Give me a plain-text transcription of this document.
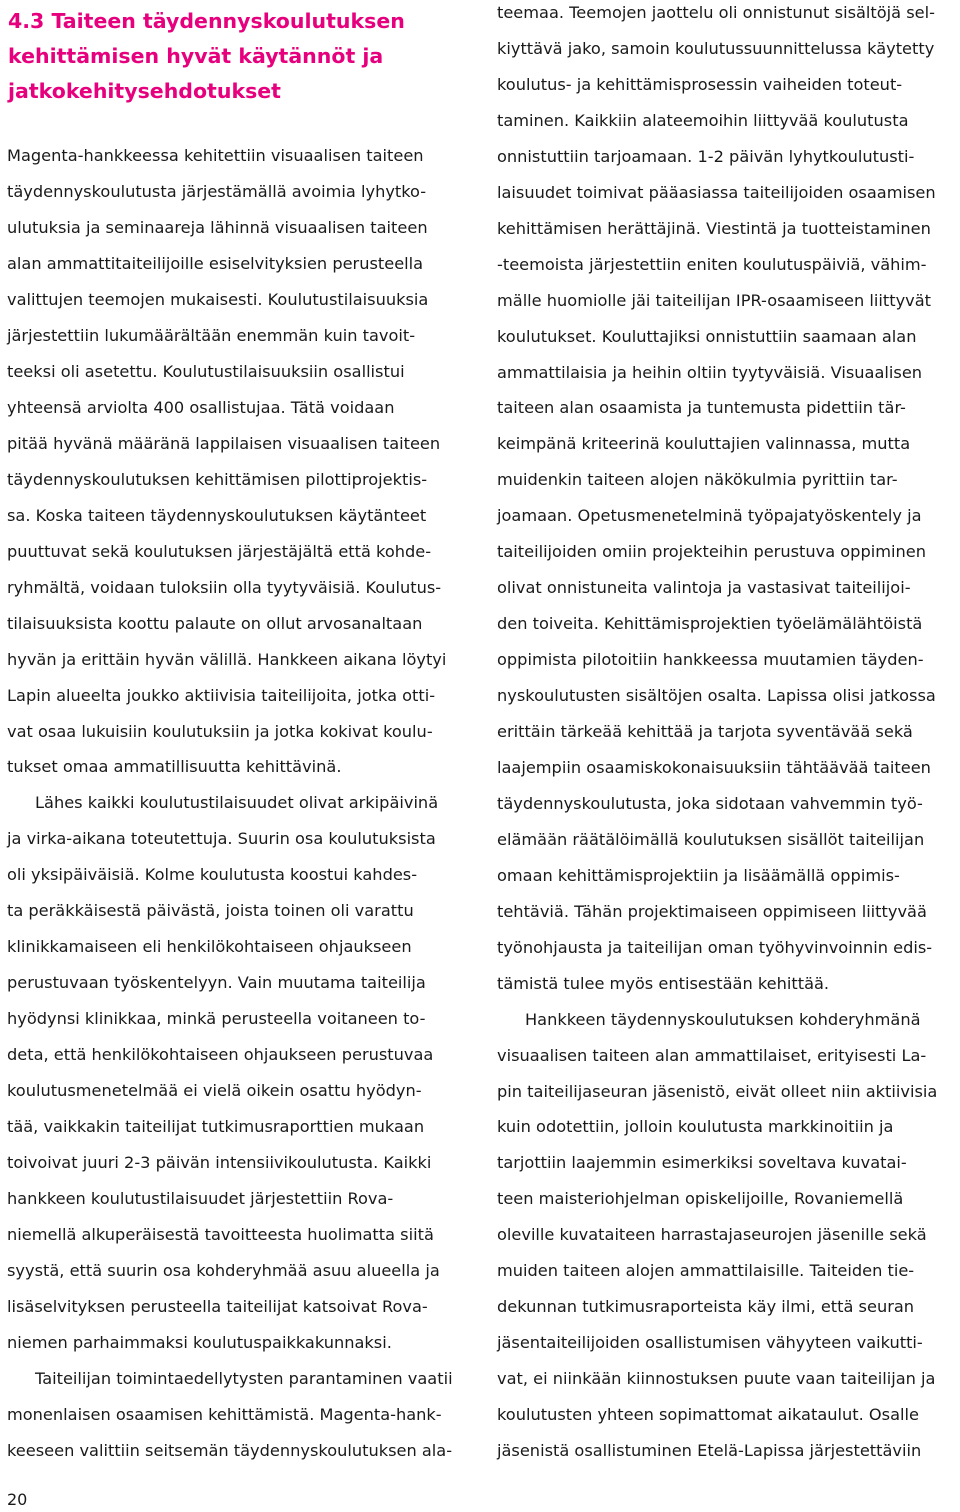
4.3 Taiteen täydennyskoulutuksen
kehittämisen hyvät käytännöt ja
jatkokehitysehdotukset
Magenta-hankkeessa kehitettiin visuaalisen taiteen
täydennyskoulutusta järjestämällä avoimia lyhytko-
ulutuksia ja seminaareja lähinnä visuaalisen taiteen
alan ammattitaiteilijoille esiselvityksien perusteella
valittujen teemojen mukaisesti. Koulutustilaisuuksia
järjestettiin lukumäärältään enemmän kuin tavoit-
teeksi oli asetettu. Koulutustilaisuuksiin osallistui
yhteensä arviolta 400 osallistujaa. Tätä voidaan
pitää hyvänä määränä lappilaisen visuaalisen taiteen
täydennyskoulutuksen kehittämisen pilottiprojektis-
sa. Koska taiteen täydennyskoulutuksen käytänteet
puuttuvat sekä koulutuksen järjestäjältä että kohde-
ryhmältä, voidaan tuloksiin olla tyytyväisiä. Koulutus-
tilaisuuksista koottu palaute on ollut arvosanaltaan
hyvän ja erittäin hyvän välillä. Hankkeen aikana löytyi
Lapin alueelta joukko aktiivisia taiteilijoita, jotka otti-
vat osaa lukuisiin koulutuksiin ja jotka kokivat koulu-
tukset omaa ammatillisuutta kehittävinä.
Lähes kaikki koulutustilaisuudet olivat arkipäivinä
ja virka-aikana toteutettuja. Suurin osa koulutuksista
oli yksipäiväisiä. Kolme koulutusta koostui kahdes-
ta peräkkäisestä päivästä, joista toinen oli varattu
klinikkamaiseen eli henkilökohtaiseen ohjaukseen
perustuvaan työskentelyyn. Vain muutama taiteilija
hyödynsi klinikkaa, minkä perusteella voitaneen to-
deta, että henkilökohtaiseen ohjaukseen perustuvaa
koulutusmenetelmää ei vielä oikein osattu hyödyn-
tää, vaikkakin taiteilijat tutkimusraporttien mukaan
toivoivat juuri 2-3 päivän intensiivikoulutusta. Kaikki
hankkeen koulutustilaisuudet järjestettiin Rova-
niemellä alkuperäisestä tavoitteesta huolimatta siitä
syystä, että suurin osa kohderyhmää asuu alueella ja
lisäselvityksen perusteella taiteilijat katsoivat Rova-
niemen parhaimmaksi koulutuspaikkakunnaksi.
Taiteilijan toimintaedellytysten parantaminen vaatii
monenlaisen osaamisen kehittämistä. Magenta-hank-
keeseen valittiin seitsemän täydennyskoulutuksen ala-
teemaa. Teemojen jaottelu oli onnistunut sisältöjä sel-
kiyttävä jako, samoin koulutussuunnittelussa käytetty
koulutus- ja kehittämisprosessin vaiheiden toteut-
taminen. Kaikkiin alateemoihin liittyvää koulutusta
onnistuttiin tarjoamaan. 1-2 päivän lyhytkoulutusti-
laisuudet toimivat pääasiassa taiteilijoiden osaamisen
kehittämisen herättäjinä. Viestintä ja tuotteistaminen
-teemoista järjestettiin eniten koulutuspäiviä, vähim-
mälle huomiolle jäi taiteilijan IPR-osaamiseen liittyvät
koulutukset. Kouluttajiksi onnistuttiin saamaan alan
ammattilaisia ja heihin oltiin tyytyväisiä. Visuaalisen
taiteen alan osaamista ja tuntemusta pidettiin tär-
keimpänä kriteerinä kouluttajien valinnassa, mutta
muidenkin taiteen alojen näkökulmia pyrittiin tar-
joamaan. Opetusmenetelminä työpajatyöskentely ja
taiteilijoiden omiin projekteihin perustuva oppiminen
olivat onnistuneita valintoja ja vastasivat taiteilijoi-
den toiveita. Kehittämisprojektien työelämälähtöistä
oppimista pilotoitiin hankkeessa muutamien täyden-
nyskoulutusten sisältöjen osalta. Lapissa olisi jatkossa
erittäin tärkeää kehittää ja tarjota syventävää sekä
laajempiin osaamiskokonaisuuksiin tähtäävää taiteen
täydennyskoulutusta, joka sidotaan vahvemmin työ-
elämään räätälöimällä koulutuksen sisällöt taiteilijan
omaan kehittämisprojektiin ja lisäämällä oppimis-
tehtäviä. Tähän projektimaiseen oppimiseen liittyvää
työnohjausta ja taiteilijan oman työhyvinvoinnin edis-
tämistä tulee myös entisestään kehittää.
Hankkeen täydennyskoulutuksen kohderyhmänä
visuaalisen taiteen alan ammattilaiset, erityisesti La-
pin taiteilijaseuran jäsenistö, eivät olleet niin aktiivisia
kuin odotettiin, jolloin koulutusta markkinoitiin ja
tarjottiin laajemmin esimerkiksi soveltava kuvatai-
teen maisteriohjelman opiskelijoille, Rovaniemellä
oleville kuvataiteen harrastajaseurojen jäsenille sekä
muiden taiteen alojen ammattilaisille. Taiteiden tie-
dekunnan tutkimusraporteista käy ilmi, että seuran
jäsentaiteilijoiden osallistumisen vähyyteen vaikutti-
vat, ei niinkään kiinnostuksen puute vaan taiteilijan ja
koulutusten yhteen sopimattomat aikataulut. Osalle
jäsenistä osallistuminen Etelä-Lapissa järjestettäviin
20
